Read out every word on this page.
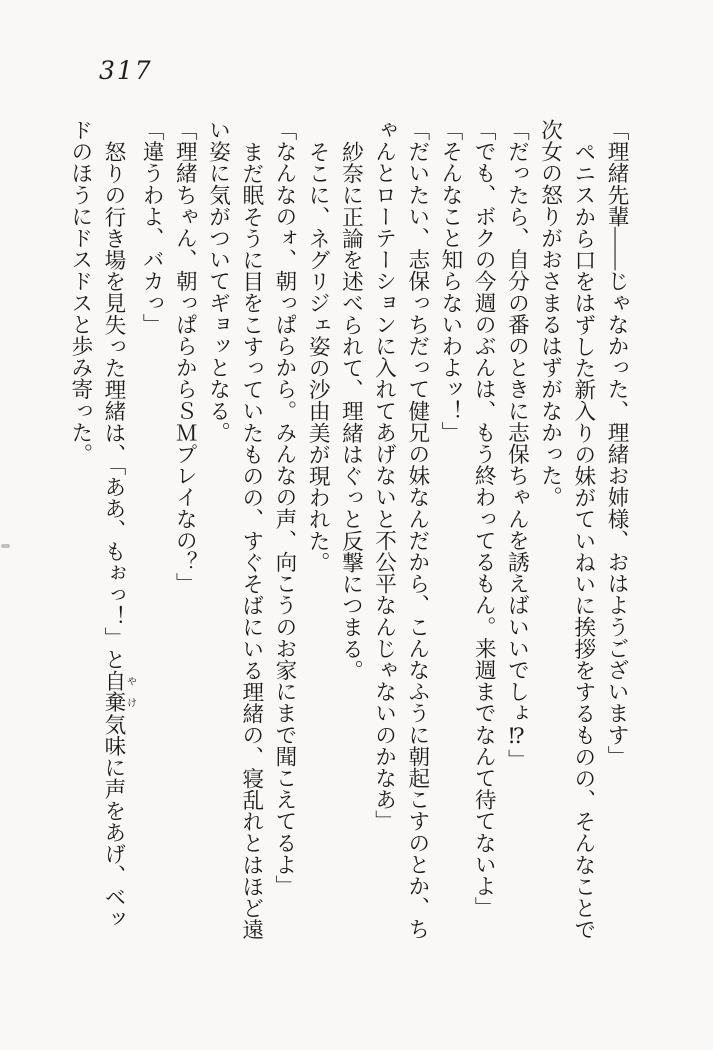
317

「理緒先輩——じゃなかった、理緒お姉様、おはようございます」

ペニスから口をはずした新入りの妹がていねいに挨拶をするものの、そんなことで次女の怒りがおさまるはずがなかった。

「だったら、自分の番のときに志保ちゃんを誘えばいいでしょ⁉」

「でも、ボクの今週のぶんは、もう終わってるもん。来週までなんて待てないよ」

「そんなこと知らないわよッ！」

「だいたい、志保っちだって健兄の妹なんだから、こんなふうに朝起こすのとか、ちゃんとローテーションに入れてあげないと不公平なんじゃないのかなあ」

紗奈に正論を述べられて、理緒はぐっと反撃につまる。

そこに、ネグリジェ姿の沙由美が現われた。

「なんなのォ、朝っぱらから。みんなの声、向こうのお家にまで聞こえてるよ」

まだ眠そうに目をこすっていたものの、すぐそばにいる理緒の、寝乱れとはほど遠い姿に気がついてギョッとなる。

「理緒ちゃん、朝っぱらからＳＭプレイなの？」

「違うわよ、バカっ」

怒りの行き場を見失った理緒は、「ああ、もぉっ！」と自や棄け気味に声をあげ、ベッドのほうにドスドスと歩み寄った。
